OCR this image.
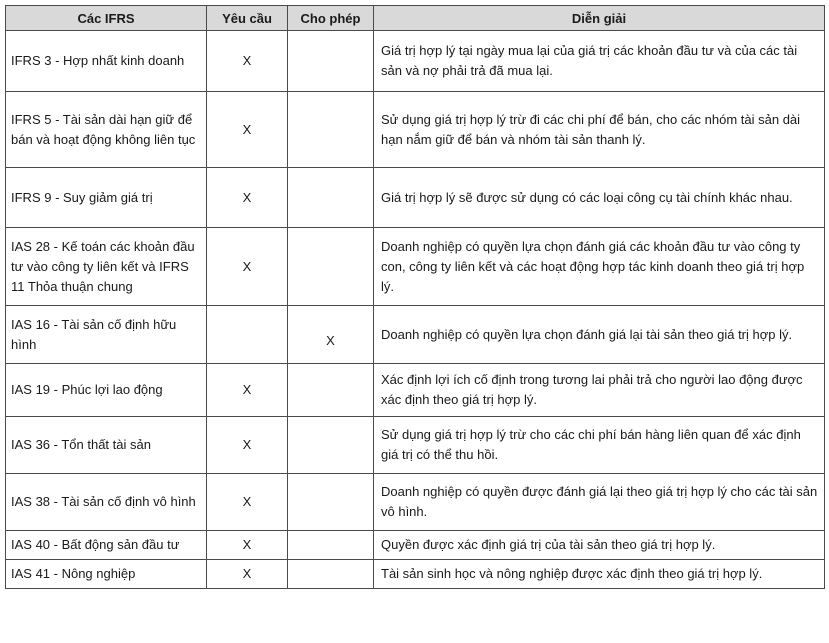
Các IFRS	Yêu cầu	Cho phép	Diễn giải
IFRS 3 - Hợp nhất kinh doanh	X		Giá trị hợp lý tại ngày mua lại của giá trị các khoản đầu tư và của các tài sản và nợ phải trả đã mua lại.
IFRS 5 - Tài sản dài hạn giữ để bán và hoạt động không liên tục	X		Sử dụng giá trị hợp lý trừ đi các chi phí để bán, cho các nhóm tài sản dài hạn nắm giữ để bán và nhóm tài sản thanh lý.
IFRS 9 - Suy giảm giá trị	X		Giá trị hợp lý sẽ được sử dụng có các loại công cụ tài chính khác nhau.
IAS 28 - Kế toán các khoản đầu tư vào công ty liên kết và IFRS 11 Thỏa thuận chung	X		Doanh nghiệp có quyền lựa chọn đánh giá các khoản đầu tư vào công ty con, công ty liên kết và các hoạt động hợp tác kinh doanh theo giá trị hợp lý.
IAS 16 - Tài sản cố định hữu hình		X	Doanh nghiệp có quyền lựa chọn đánh giá lại tài sản theo giá trị hợp lý.
IAS 19 - Phúc lợi lao động	X		Xác định lợi ích cố định trong tương lai phải trả cho người lao động được xác định theo giá trị hợp lý.
IAS 36 - Tổn thất tài sản	X		Sử dụng giá trị hợp lý trừ cho các chi phí bán hàng liên quan để xác định giá trị có thể thu hồi.
IAS 38 - Tài sản cố định vô hình	X		Doanh nghiệp có quyền được đánh giá lại theo giá trị hợp lý cho các tài sản vô hình.
IAS 40 - Bất động sản đầu tư	X		Quyền được xác định giá trị của tài sản theo giá trị hợp lý.
IAS 41 - Nông nghiệp	X		Tài sản sinh học và nông nghiệp được xác định theo giá trị hợp lý.
